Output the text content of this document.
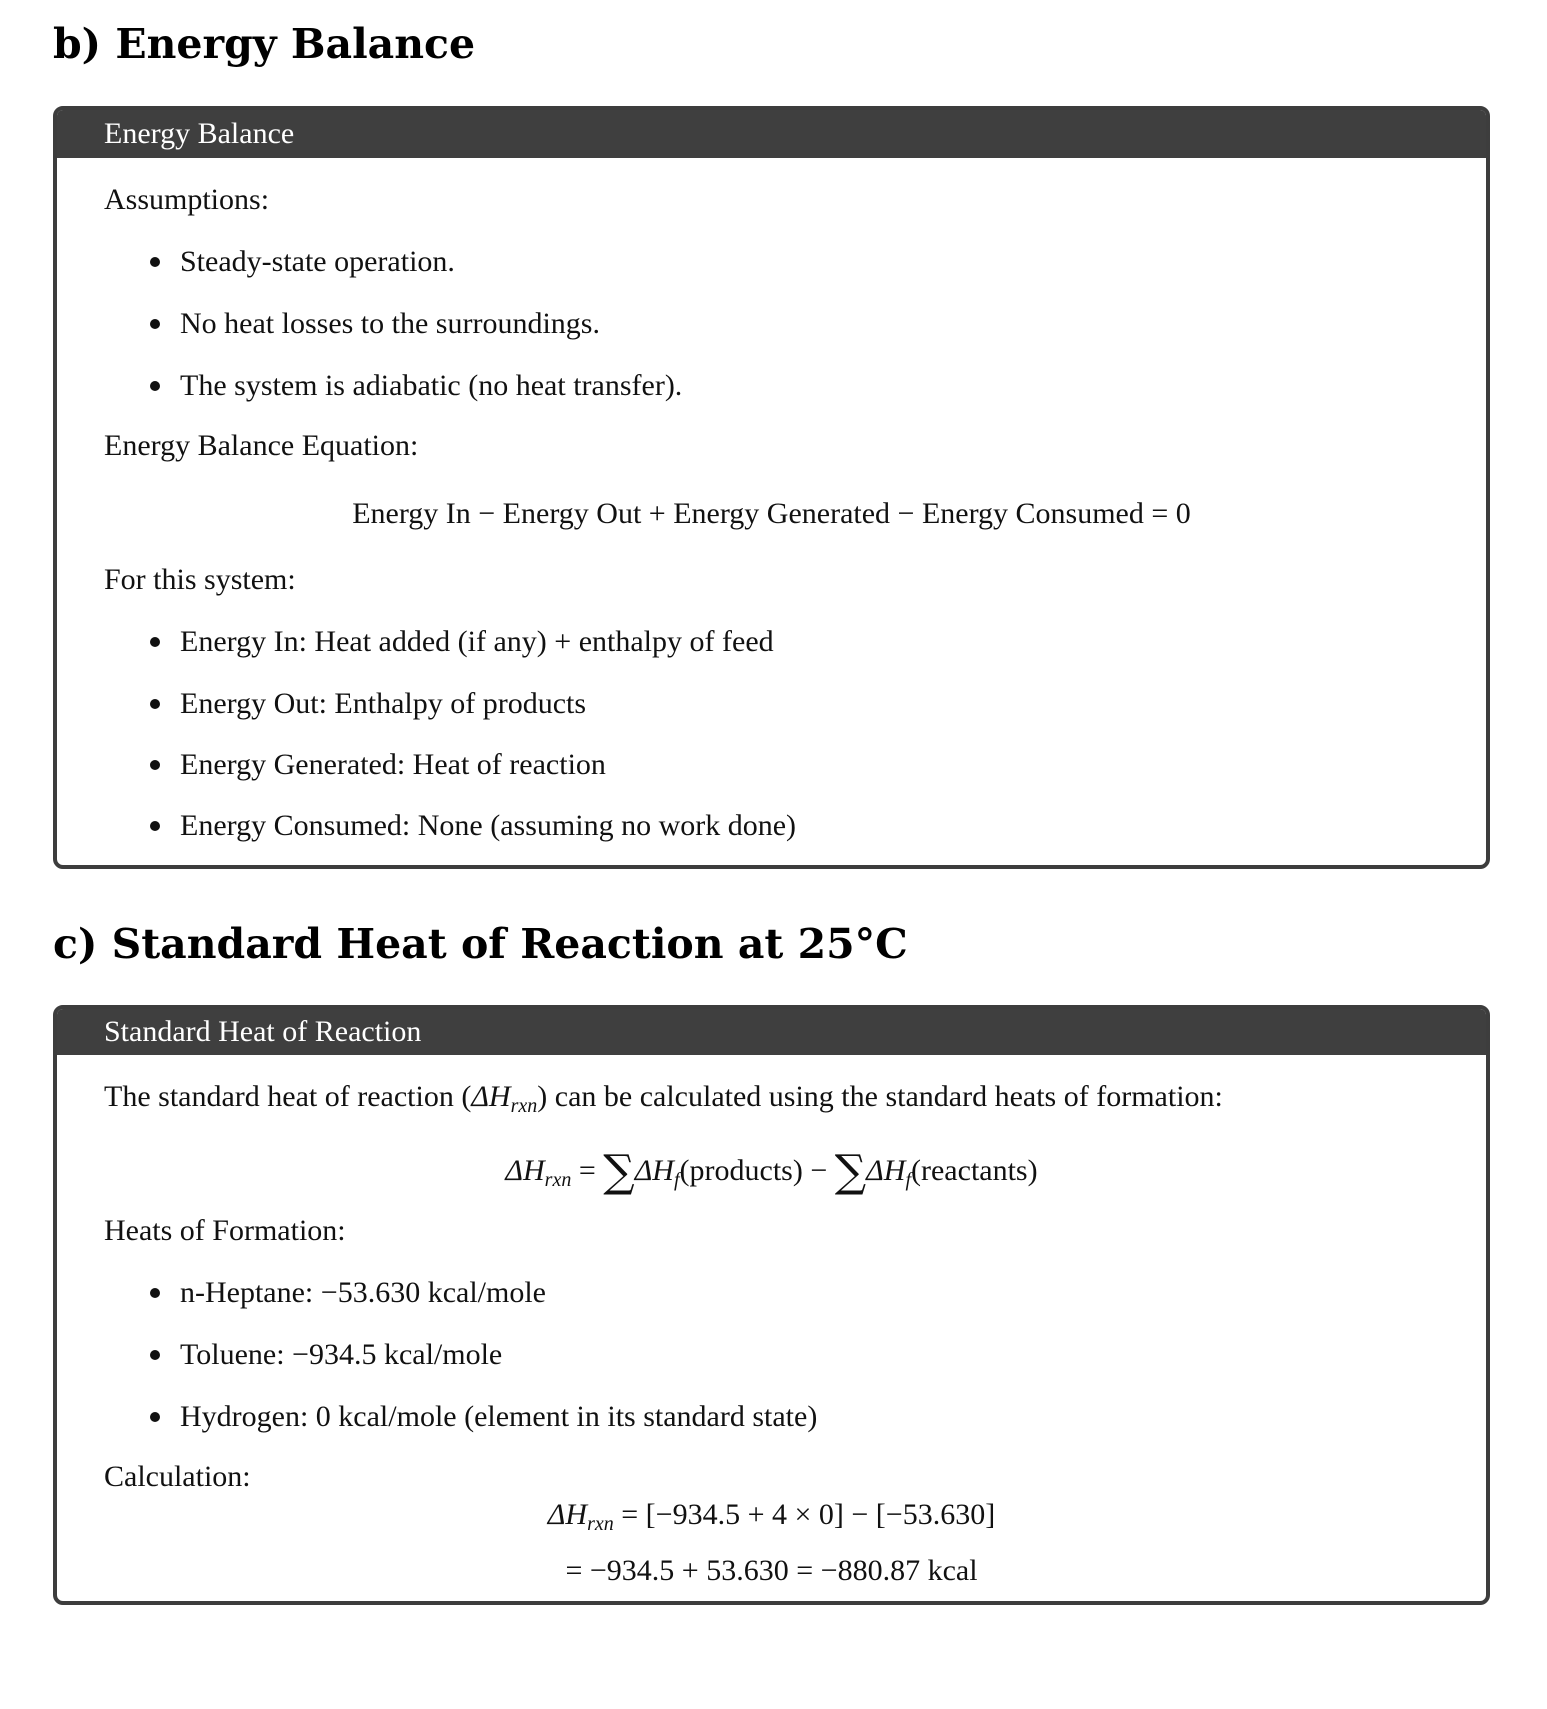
b) Energy Balance
Energy Balance

Assumptions:

Steady-state operation.

No heat losses to the surroundings.

The system is adiabatic (no heat transfer).

Energy Balance Equation:

Energy In − Energy Out + Energy Generated − Energy Consumed = 0

For this system:

Energy In: Heat added (if any) + enthalpy of feed

Energy Out: Enthalpy of products

Energy Generated: Heat of reaction

Energy Consumed: None (assuming no work done)

c) Standard Heat of Reaction at 25°C
Standard Heat of Reaction

The standard heat of reaction $(\Delta H_{rxn})$ can be calculated using the standard heats of formation:

$\Delta H_{rxn}$ = $\sum\Delta H_f(products)$ − $\sum\Delta H_f(reactants)$

Heats of Formation:

n-Heptane: −53.630 kcal/mole

Toluene: −934.5 kcal/mole

Hydrogen: 0 kcal/mole (element in its standard state)

Calculation:

$\Delta H_{rxn} = [-934.5 + 4 \times 0] - [-53.630]$

= −934.5 + 53.630 = −880.87 kcal
